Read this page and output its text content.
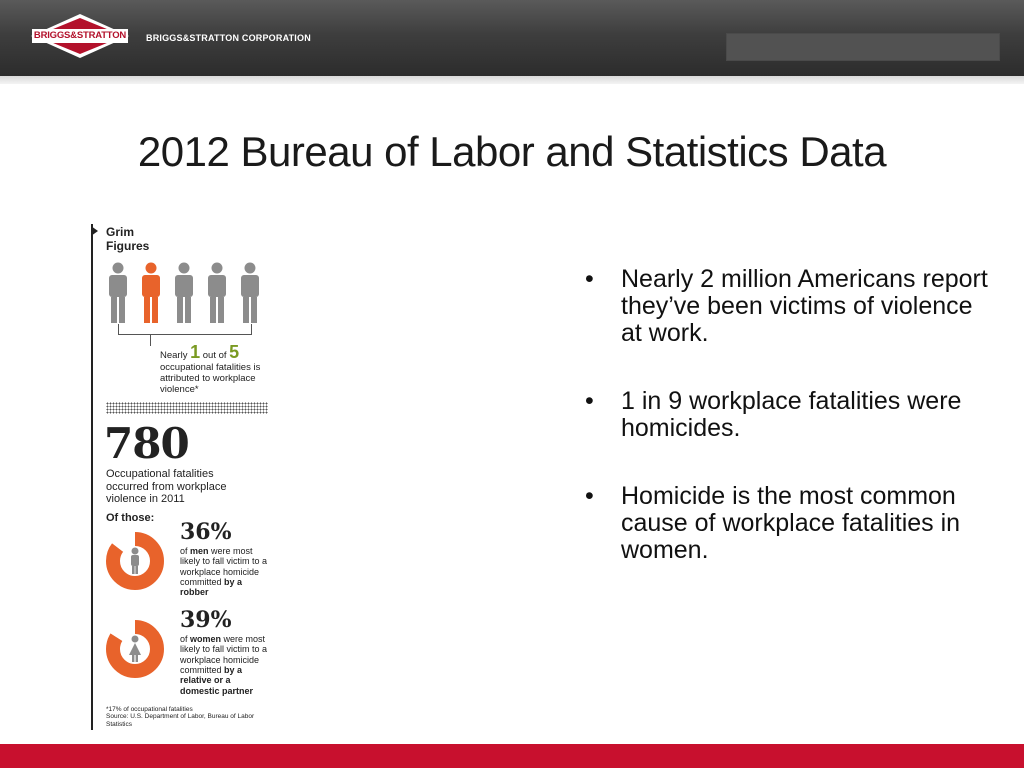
BRIGGS&STRATTON	BRIGGS&STRATTON CORPORATION
2012 Bureau of Labor and Statistics Data
Grim
Figures
Nearly 1 out of 5
occupational fatalities is attributed to workplace violence*
780
Occupational fatalities occurred from workplace violence in 2011
Of those:
36%
of men were most likely to fall victim to a workplace homicide committed by a robber
39%
of women were most likely to fall victim to a workplace homicide committed by a relative or a domestic partner
*17% of occupational fatalities
Source: U.S. Department of Labor, Bureau of Labor Statistics
• Nearly 2 million Americans report they’ve been victims of violence at work.
• 1 in 9 workplace fatalities were homicides.
• Homicide is the most common cause of workplace fatalities in women.
